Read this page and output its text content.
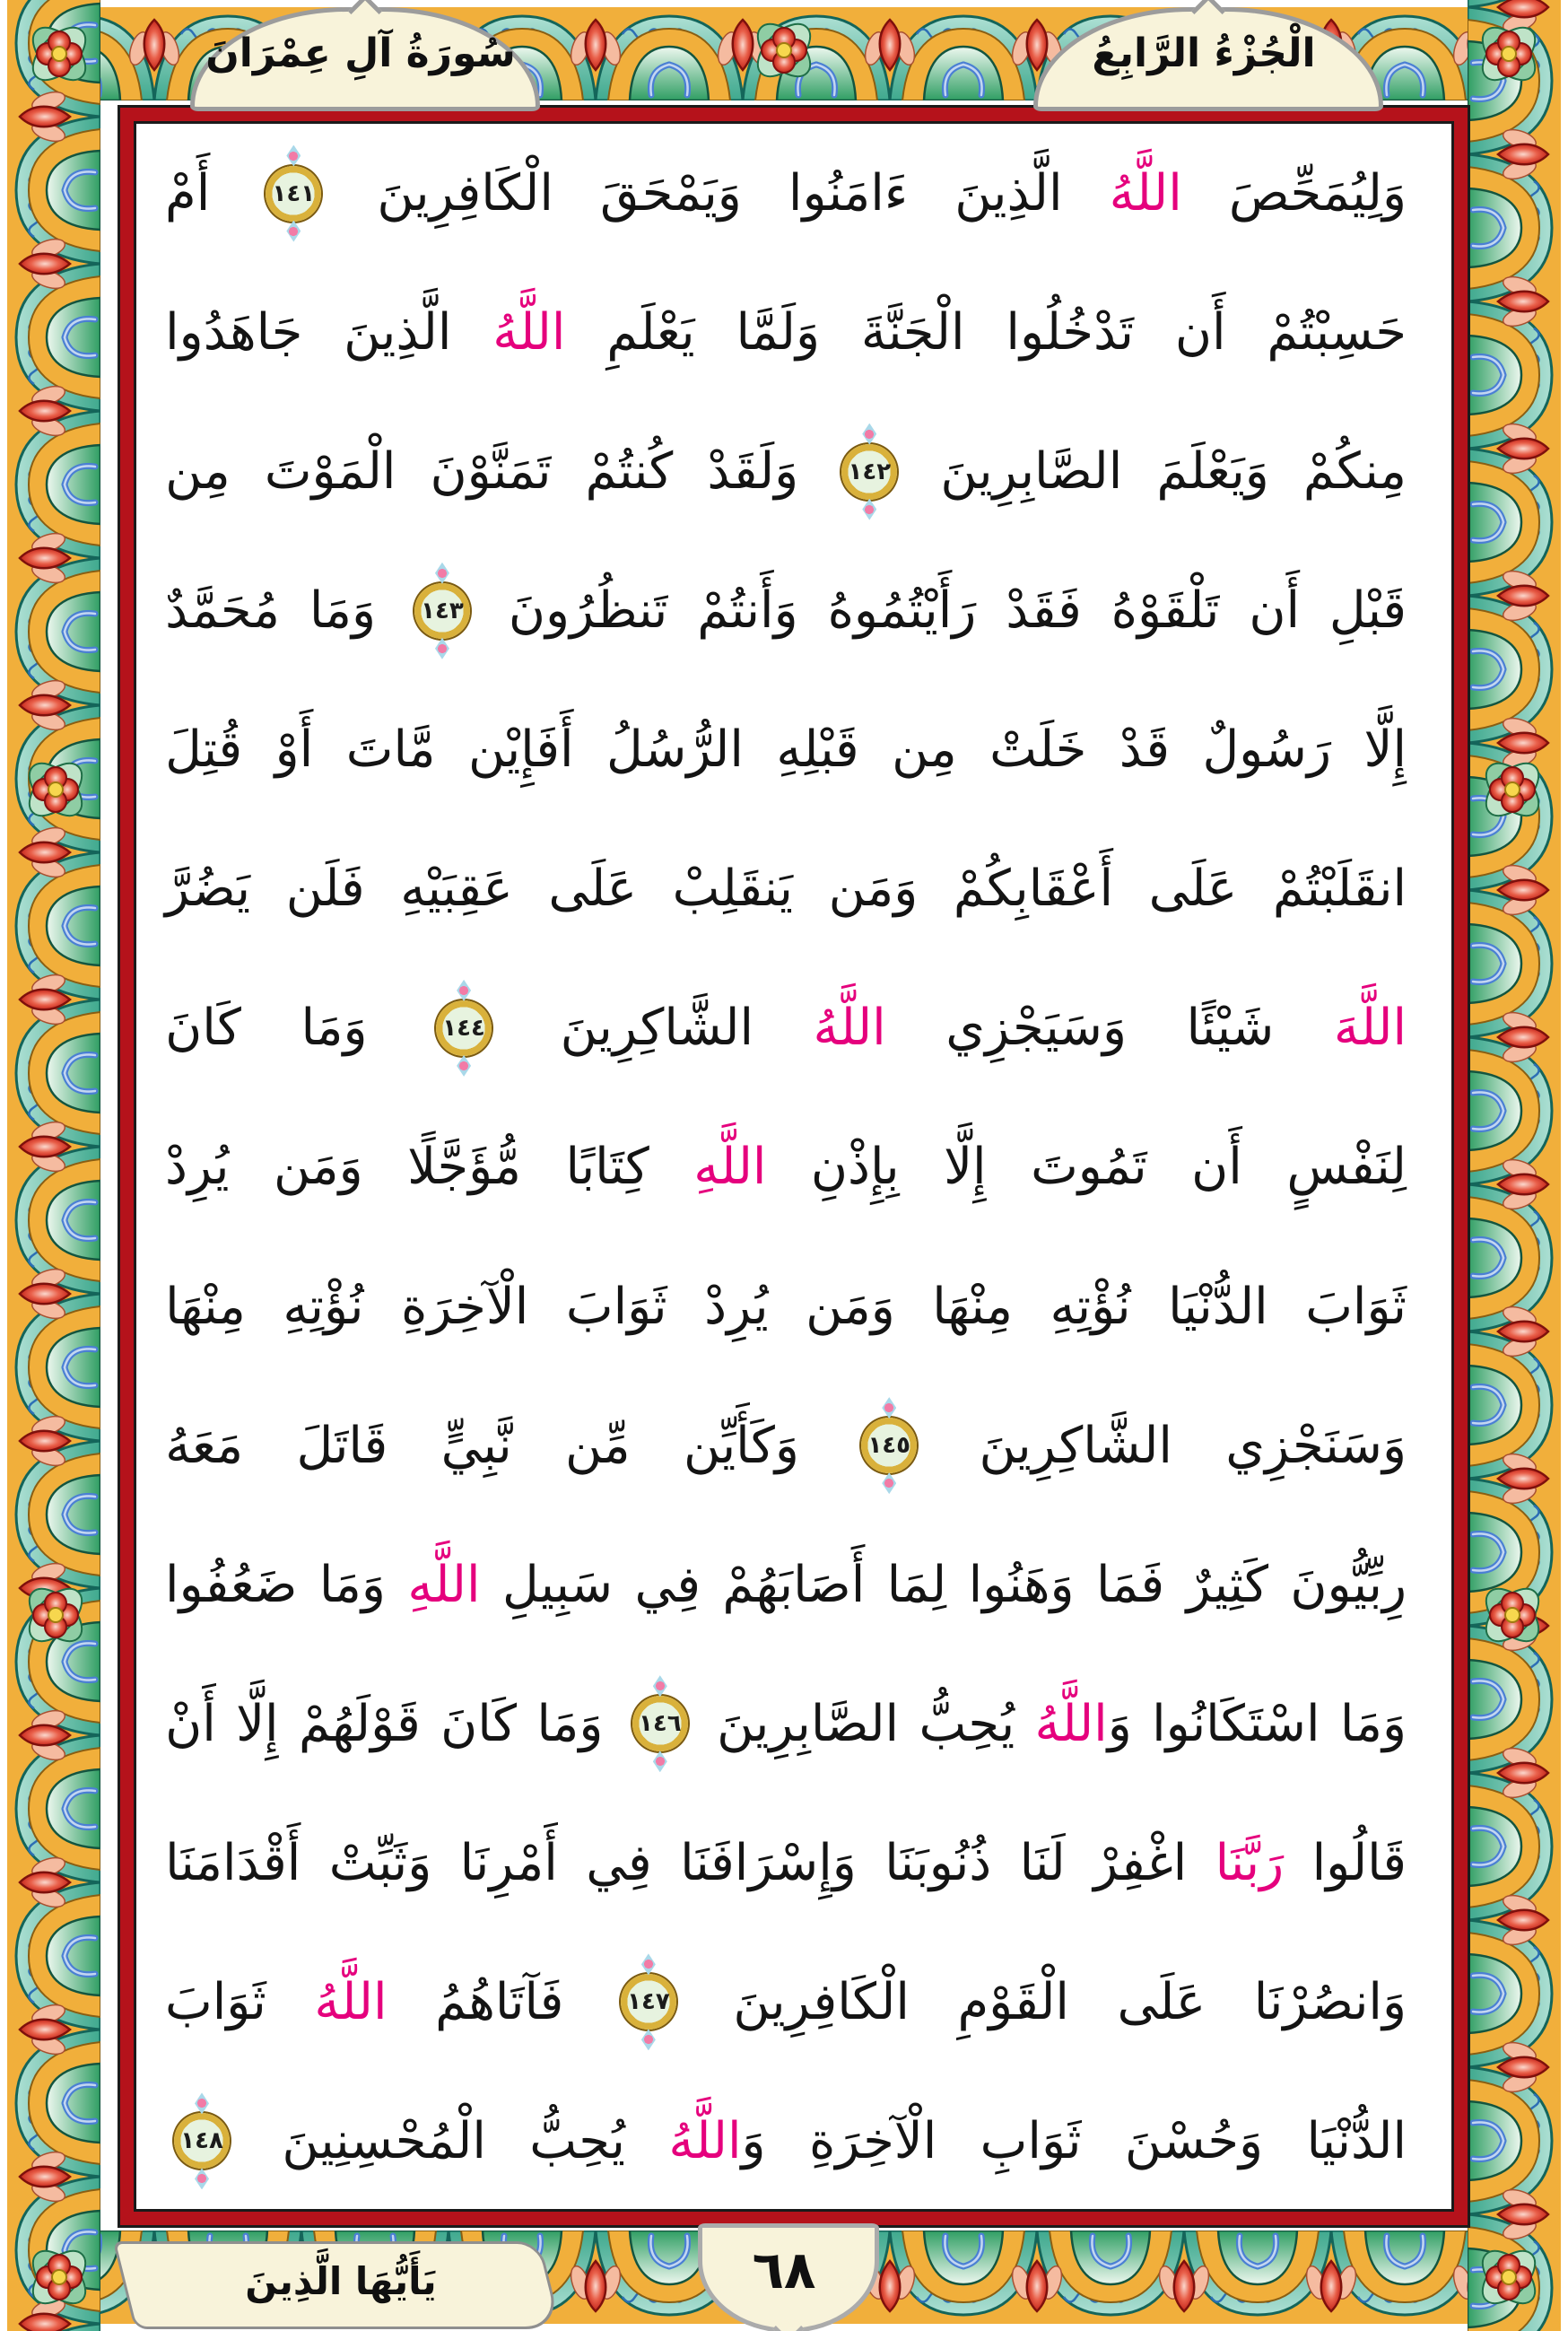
سُورَةُ آلِ عِمْرَانَ	الْجُزْءُ الرَّابِعُ
٦٨
يَأَيُّهَا الَّذِينَ
وَلِيُمَحِّصَ
اللَّهُ
الَّذِينَ
ءَامَنُوا
وَيَمْحَقَ
الْكَافِرِينَ
١٤١
أَمْ
حَسِبْتُمْ
أَن
تَدْخُلُوا
الْجَنَّةَ
وَلَمَّا
يَعْلَمِ
اللَّهُ
الَّذِينَ
جَاهَدُوا
مِنكُمْ
وَيَعْلَمَ
الصَّابِرِينَ
١٤٢
وَلَقَدْ
كُنتُمْ
تَمَنَّوْنَ
الْمَوْتَ
مِن
قَبْلِ
أَن
تَلْقَوْهُ
فَقَدْ
رَأَيْتُمُوهُ
وَأَنتُمْ
تَنظُرُونَ
١٤٣
وَمَا
مُحَمَّدٌ
إِلَّا
رَسُولٌ
قَدْ
خَلَتْ
مِن
قَبْلِهِ
الرُّسُلُ
أَفَإِيْن
مَّاتَ
أَوْ
قُتِلَ
انقَلَبْتُمْ
عَلَى
أَعْقَابِكُمْ
وَمَن
يَنقَلِبْ
عَلَى
عَقِبَيْهِ
فَلَن
يَضُرَّ
اللَّهَ
شَيْئًا
وَسَيَجْزِي
اللَّهُ
الشَّاكِرِينَ
١٤٤
وَمَا
كَانَ
لِنَفْسٍ
أَن
تَمُوتَ
إِلَّا
بِإِذْنِ
اللَّهِ
كِتَابًا
مُّؤَجَّلًا
وَمَن
يُرِدْ
ثَوَابَ
الدُّنْيَا
نُؤْتِهِ
مِنْهَا
وَمَن
يُرِدْ
ثَوَابَ
الْآخِرَةِ
نُؤْتِهِ
مِنْهَا
وَسَنَجْزِي
الشَّاكِرِينَ
١٤٥
وَكَأَيِّن
مِّن
نَّبِيٍّ
قَاتَلَ
مَعَهُ
رِبِّيُّونَ
كَثِيرٌ
فَمَا
وَهَنُوا
لِمَا
أَصَابَهُمْ
فِي
سَبِيلِ
اللَّهِ
وَمَا
ضَعُفُوا
وَمَا
اسْتَكَانُوا
وَاللَّهُ
يُحِبُّ
الصَّابِرِينَ
١٤٦
وَمَا
كَانَ
قَوْلَهُمْ
إِلَّا
أَنْ
قَالُوا
رَبَّنَا
اغْفِرْ
لَنَا
ذُنُوبَنَا
وَإِسْرَافَنَا
فِي
أَمْرِنَا
وَثَبِّتْ
أَقْدَامَنَا
وَانصُرْنَا
عَلَى
الْقَوْمِ
الْكَافِرِينَ
١٤٧
فَآتَاهُمُ
اللَّهُ
ثَوَابَ
الدُّنْيَا
وَحُسْنَ
ثَوَابِ
الْآخِرَةِ
وَاللَّهُ
يُحِبُّ
الْمُحْسِنِينَ
١٤٨
